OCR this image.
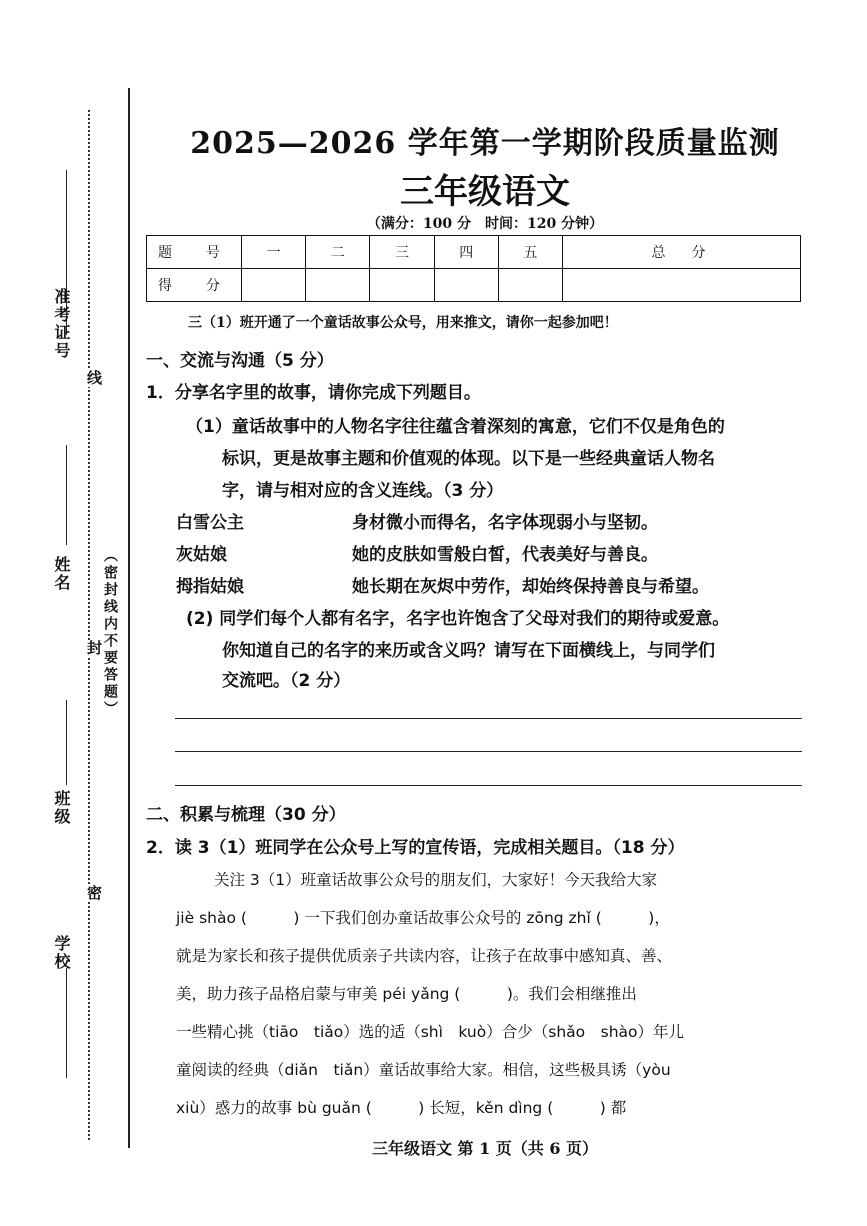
准考证号
线
姓名
封 （密封线内不要答题）
班级
密
学校
2025—2026 学年第一学期阶段质量监测
三年级语文
（满分：100 分　时间：120 分钟）
题　号	一	二	三	四	五	总　分
得　分						
三（1）班开通了一个童话故事公众号，用来推文，请你一起参加吧！
一、交流与沟通（5 分）
1．分享名字里的故事，请你完成下列题目。
（1）童话故事中的人物名字往往蕴含着深刻的寓意，它们不仅是角色的
标识，更是故事主题和价值观的体现。以下是一些经典童话人物名
字，请与相对应的含义连线。（3 分）
白雪公主	身材微小而得名，名字体现弱小与坚韧。
灰姑娘	她的皮肤如雪般白皙，代表美好与善良。
拇指姑娘	她长期在灰烬中劳作，却始终保持善良与希望。
(2) 同学们每个人都有名字，名字也许饱含了父母对我们的期待或爱意。
你知道自己的名字的来历或含义吗？请写在下面横线上，与同学们
交流吧。（2 分）
二、积累与梳理（30 分）
2．读 3（1）班同学在公众号上写的宣传语，完成相关题目。（18 分）
关注 3（1）班童话故事公众号的朋友们，大家好！今天我给大家
jiè shào (　　　) 一下我们创办童话故事公众号的 zōng zhǐ (　　　)，
就是为家长和孩子提供优质亲子共读内容，让孩子在故事中感知真、善、
美，助力孩子品格启蒙与审美 péi yǎng (　　　)。我们会相继推出
一些精心挑（tiāo　tiǎo）选的适（shì　kuò）合少（shǎo　shào）年儿
童阅读的经典（diǎn　tiǎn）童话故事给大家。相信，这些极具诱（yòu
xiù）惑力的故事 bù guǎn (　　　) 长短，kěn dìng (　　　) 都
三年级语文 第 1 页（共 6 页）
